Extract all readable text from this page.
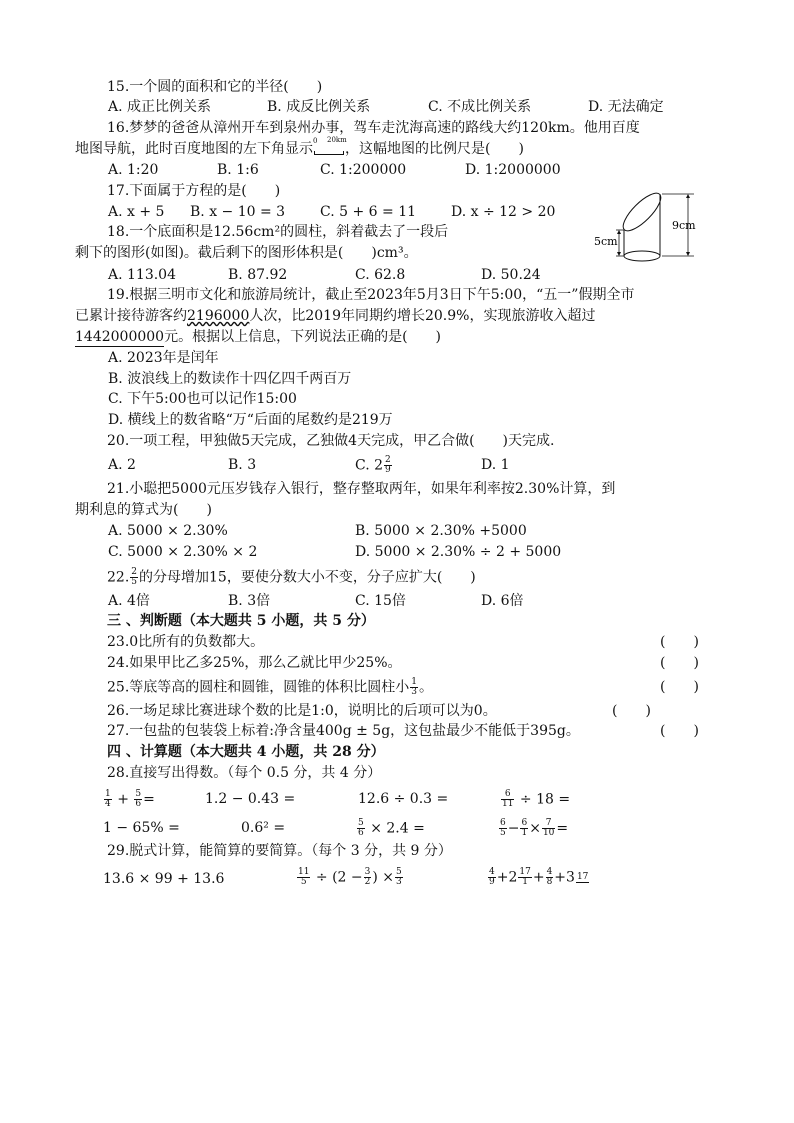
15.一个圆的面积和它的半径(　　)
A. 成正比例关系	B. 成反比例关系	C. 不成比例关系	D. 无法确定
16.梦梦的爸爸从漳州开车到泉州办事，驾车走沈海高速的路线大约120km。他用百度
地图导航，此时百度地图的左下角显示 0 20km
，这幅地图的比例尺是(　　)
A. 1:20	B. 1:6	C. 1:200000	D. 1:2000000
17.下面属于方程的是(　　)
A. x + 5 B. x − 10 = 3 C. 5 + 6 = 11 D. x ÷ 12 > 20
18.一个底面积是12.56cm²的圆柱，斜着截去了一段后
剩下的图形(如图)。截后剩下的图形体积是(　　)cm³。
A. 113.04	B. 87.92	C. 62.8	D. 50.24
5cm
9cm
19.根据三明市文化和旅游局统计，截止至2023年5月3日下午5:00，“五一”假期全市
已累计接待游客约2196000人次，比2019年同期约增长20.9%，实现旅游收入超过
1442000000元。根据以上信息，下列说法正确的是(　　)
A. 2023年是闰年
B. 波浪线上的数读作十四亿四千两百万
C. 下午5:00也可以记作15:00
D. 横线上的数省略“万“后面的尾数约是219万
20.一项工程，甲独做5天完成，乙独做4天完成，甲乙合做(　　)天完成.
A. 2	B. 3	C. $2 \frac{2}{9}$	D. 1
21.小聪把5000元压岁钱存入银行，整存整取两年，如果年利率按2.30%计算，到
期利息的算式为(　　)
A. 5000 × 2.30%	B. 5000 × 2.30% +5000
C. 5000 × 2.30% × 2	D. 5000 × 2.30% ÷ 2 + 5000
22. $\frac{2}{5}$ 的分母增加15，要使分数大小不变，分子应扩大(　　)
A. 4倍	B. 3倍	C. 15倍	D. 6倍
三 、判断题（本大题共 5 小题，共 5 分）
23.0比所有的负数都大。	(　　)
24.如果甲比乙多25%，那么乙就比甲少25%。	(　　)
25.等底等高的圆柱和圆锥，圆锥的体积比圆柱小 $\frac{1}{3}$ 。	(　　)
26.一场足球比赛进球个数的比是1:0，说明比的后项可以为0。	(　　)
27.一包盐的包装袋上标着:净含量400g ± 5g，这包盐最少不能低于395g。	(　　)
四 、计算题（本大题共 4 小题，共 28 分）
28.直接写出得数。（每个 0.5 分，共 4 分）
$\frac{1}{4} + \frac{5}{6}$ =	1.2 − 0.43 =	12.6 ÷ 0.3 =	$\frac{6}{11} \div 18$ =
1 − 65% =	0.6² =	$\frac{5}{6} \times 2.4$ =	$\frac{6}{5} - \frac{6}{1} \times \frac{7}{10}$ =
29.脱式计算，能简算的要简算。（每个 3 分，共 9 分）
13.6 × 99 + 13.6	$\frac{11}{5} \div (2 - \frac{3}{2}$ ) × $\frac{5}{3}$	$\frac{4}{9} +2 \frac{17}{1} + \frac{4}{8} +3$ 17
